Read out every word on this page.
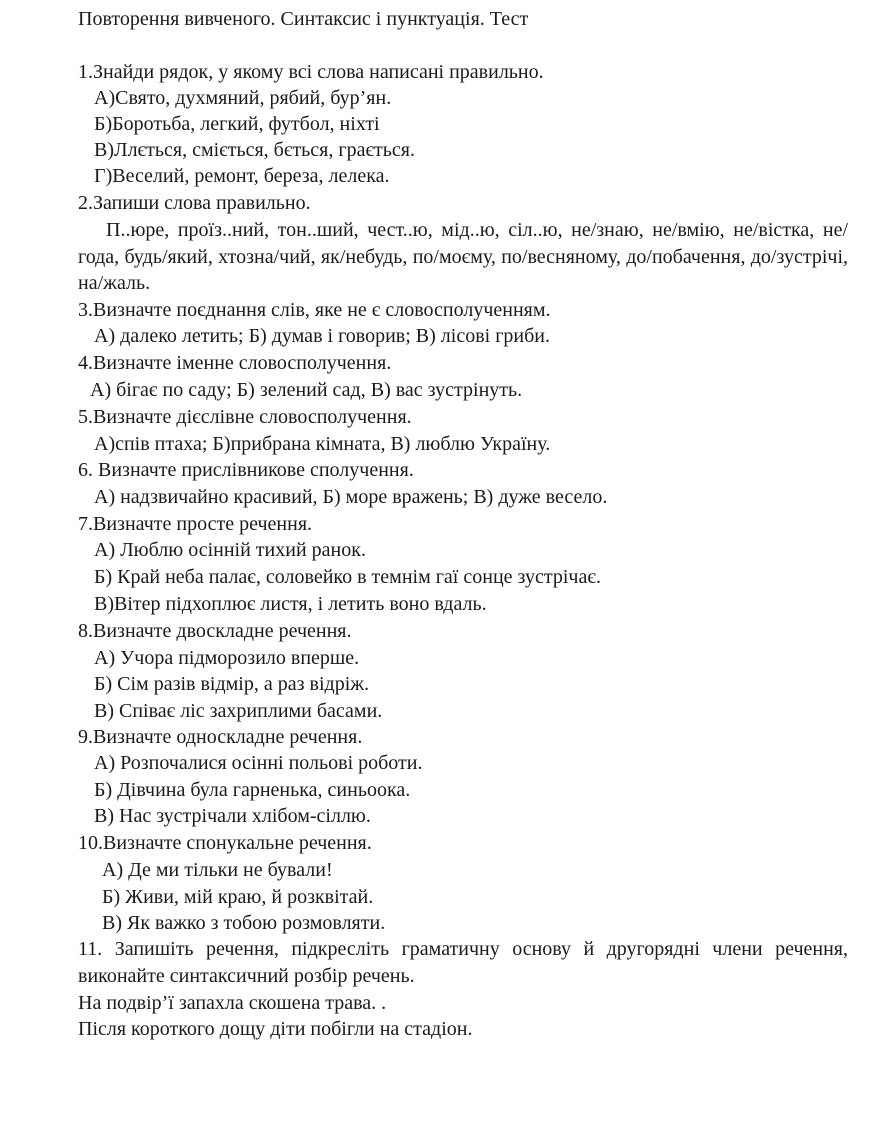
Повторення вивченого. Синтаксис і пунктуація. Тест
1.Знайди рядок, у якому всі слова написані правильно.
А)Свято, духмяний, рябий, бур’ян.
Б)Боротьба, легкий, футбол, ніхті
В)Ллється, сміється, бється, грається.
Г)Веселий, ремонт, береза, лелека.
2.Запиши слова правильно.
П..юре, проїз..ний, тон..ший, чест..ю, мід..ю, сіл..ю, не/знаю, не/вмію, не/вістка, не/года, будь/який, хтозна/чий, як/небудь, по/моєму, по/весняному, до/побачення, до/зустрічі, на/жаль.
3.Визначте поєднання слів, яке не є словосполученням.
А) далеко летить; Б) думав і говорив; В) лісові гриби.
4.Визначте іменне словосполучення.
А) бігає по саду; Б) зелений сад, В) вас зустрінуть.
5.Визначте дієслівне словосполучення.
А)спів птаха; Б)прибрана кімната, В) люблю Україну.
6. Визначте прислівникове сполучення.
А) надзвичайно красивий, Б) море вражень; В) дуже весело.
7.Визначте просте речення.
А) Люблю осінній тихий ранок.
Б) Край неба палає, соловейко в темнім гаї сонце зустрічає.
В)Вітер підхоплює листя, і летить воно вдаль.
8.Визначте двоскладне речення.
А) Учора підморозило вперше.
Б) Сім разів відмір, а раз відріж.
В) Співає ліс захриплими басами.
9.Визначте односкладне речення.
А) Розпочалися осінні польові роботи.
Б) Дівчина була гарненька, синьоока.
В) Нас зустрічали хлібом-сіллю.
10.Визначте спонукальне речення.
А) Де ми тільки не бували!
Б) Живи, мій краю, й розквітай.
В) Як важко з тобою розмовляти.
11. Запишіть речення, підкресліть граматичну основу й другорядні члени речення, виконайте синтаксичний розбір речень.
На подвір’ї запахла скошена трава. .
Після короткого дощу діти побігли на стадіон.
